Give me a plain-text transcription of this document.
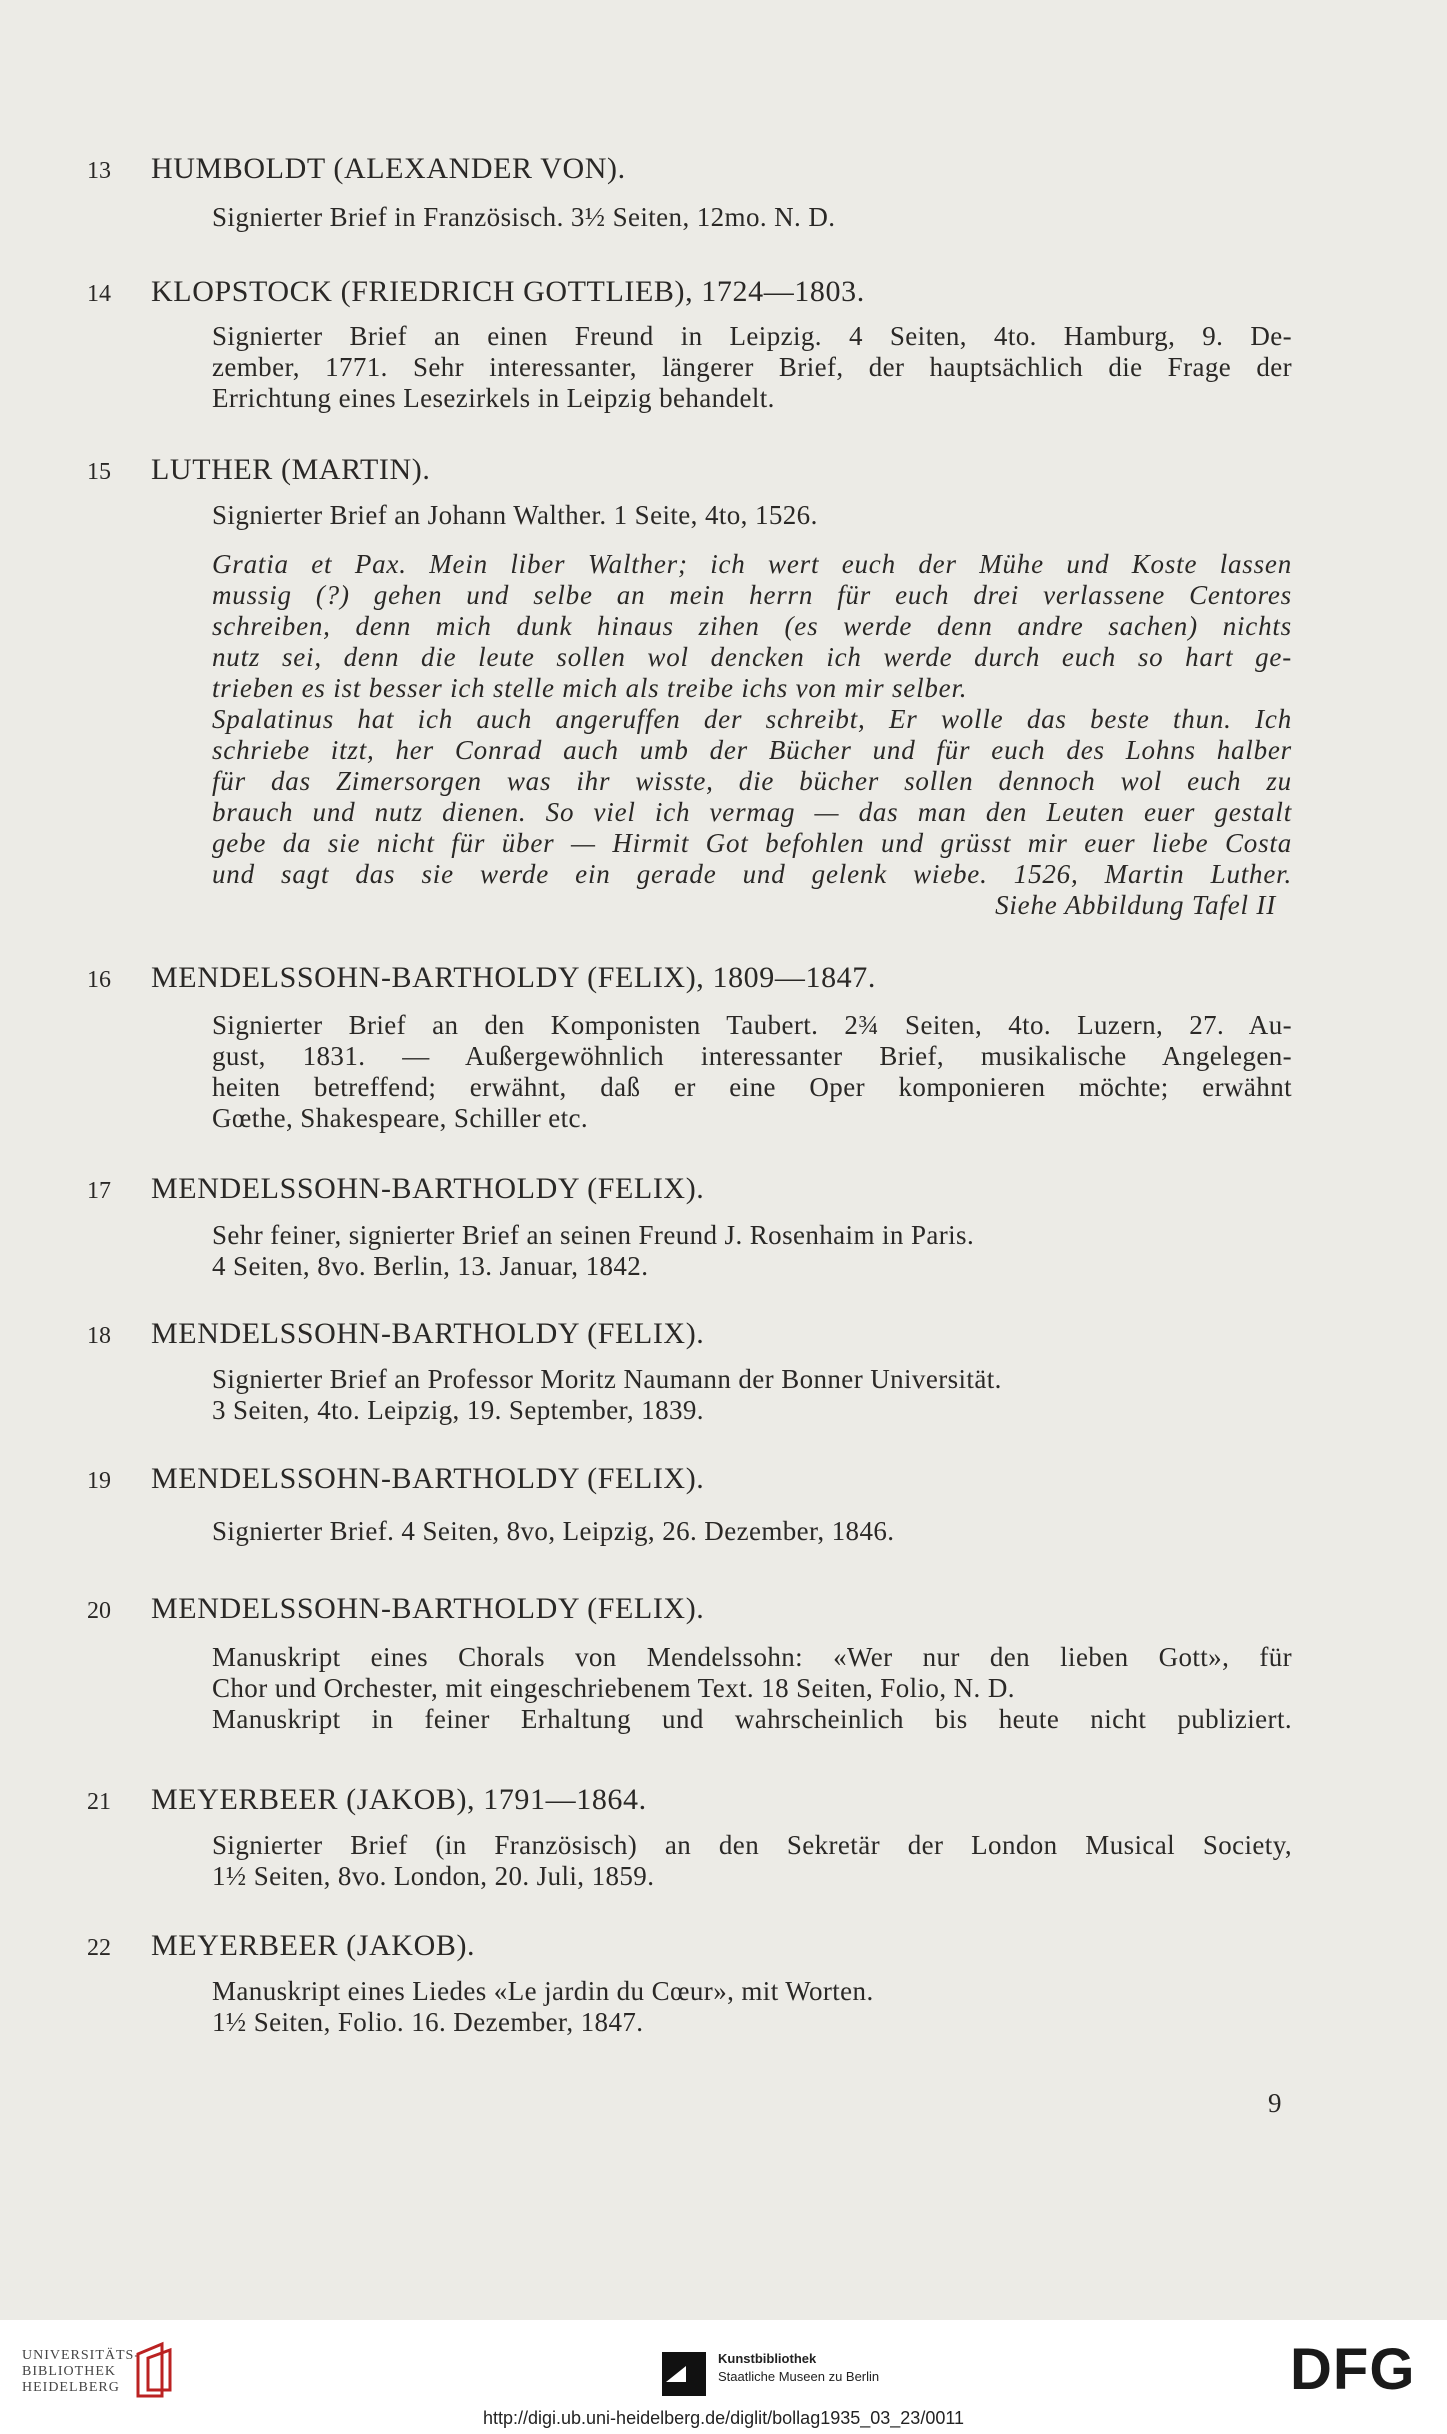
13	HUMBOLDT (ALEXANDER VON).
Signierter Brief in Französisch. 3½ Seiten, 12mo. N. D.
14	KLOPSTOCK (FRIEDRICH GOTTLIEB), 1724—1803.
Signierter Brief an einen Freund in Leipzig. 4 Seiten, 4to. Hamburg, 9. De-
zember, 1771. Sehr interessanter, längerer Brief, der hauptsächlich die Frage der
Errichtung eines Lesezirkels in Leipzig behandelt.
15	LUTHER (MARTIN).
Signierter Brief an Johann Walther. 1 Seite, 4to, 1526.
Gratia et Pax. Mein liber Walther; ich wert euch der Mühe und Koste lassen
mussig (?) gehen und selbe an mein herrn für euch drei verlassene Centores
schreiben, denn mich dunk hinaus zihen (es werde denn andre sachen) nichts
nutz sei, denn die leute sollen wol dencken ich werde durch euch so hart ge-
trieben es ist besser ich stelle mich als treibe ichs von mir selber.
Spalatinus hat ich auch angeruffen der schreibt, Er wolle das beste thun. Ich
schriebe itzt, her Conrad auch umb der Bücher und für euch des Lohns halber
für das Zimersorgen was ihr wisste, die bücher sollen dennoch wol euch zu
brauch und nutz dienen. So viel ich vermag — das man den Leuten euer gestalt
gebe da sie nicht für über — Hirmit Got befohlen und grüsst mir euer liebe Costa
und sagt das sie werde ein gerade und gelenk wiebe. 1526, Martin Luther.
Siehe Abbildung Tafel II
16	MENDELSSOHN-BARTHOLDY (FELIX), 1809—1847.
Signierter Brief an den Komponisten Taubert. 2¾ Seiten, 4to. Luzern, 27. Au-
gust, 1831. — Außergewöhnlich interessanter Brief, musikalische Angelegen-
heiten betreffend; erwähnt, daß er eine Oper komponieren möchte; erwähnt
Gœthe, Shakespeare, Schiller etc.
17	MENDELSSOHN-BARTHOLDY (FELIX).
Sehr feiner, signierter Brief an seinen Freund J. Rosenhaim in Paris.
4 Seiten, 8vo. Berlin, 13. Januar, 1842.
18	MENDELSSOHN-BARTHOLDY (FELIX).
Signierter Brief an Professor Moritz Naumann der Bonner Universität.
3 Seiten, 4to. Leipzig, 19. September, 1839.
19	MENDELSSOHN-BARTHOLDY (FELIX).
Signierter Brief. 4 Seiten, 8vo, Leipzig, 26. Dezember, 1846.
20	MENDELSSOHN-BARTHOLDY (FELIX).
Manuskript eines Chorals von Mendelssohn: «Wer nur den lieben Gott», für
Chor und Orchester, mit eingeschriebenem Text. 18 Seiten, Folio, N. D.
Manuskript in feiner Erhaltung und wahrscheinlich bis heute nicht publiziert.
21	MEYERBEER (JAKOB), 1791—1864.
Signierter Brief (in Französisch) an den Sekretär der London Musical Society,
1½ Seiten, 8vo. London, 20. Juli, 1859.
22	MEYERBEER (JAKOB).
Manuskript eines Liedes «Le jardin du Cœur», mit Worten.
1½ Seiten, Folio. 16. Dezember, 1847.
9
UNIVERSITÄTS-
BIBLIOTHEK
HEIDELBERG
Kunstbibliothek
Staatliche Museen zu Berlin	DFG
http://digi.ub.uni-heidelberg.de/diglit/bollag1935_03_23/0011
